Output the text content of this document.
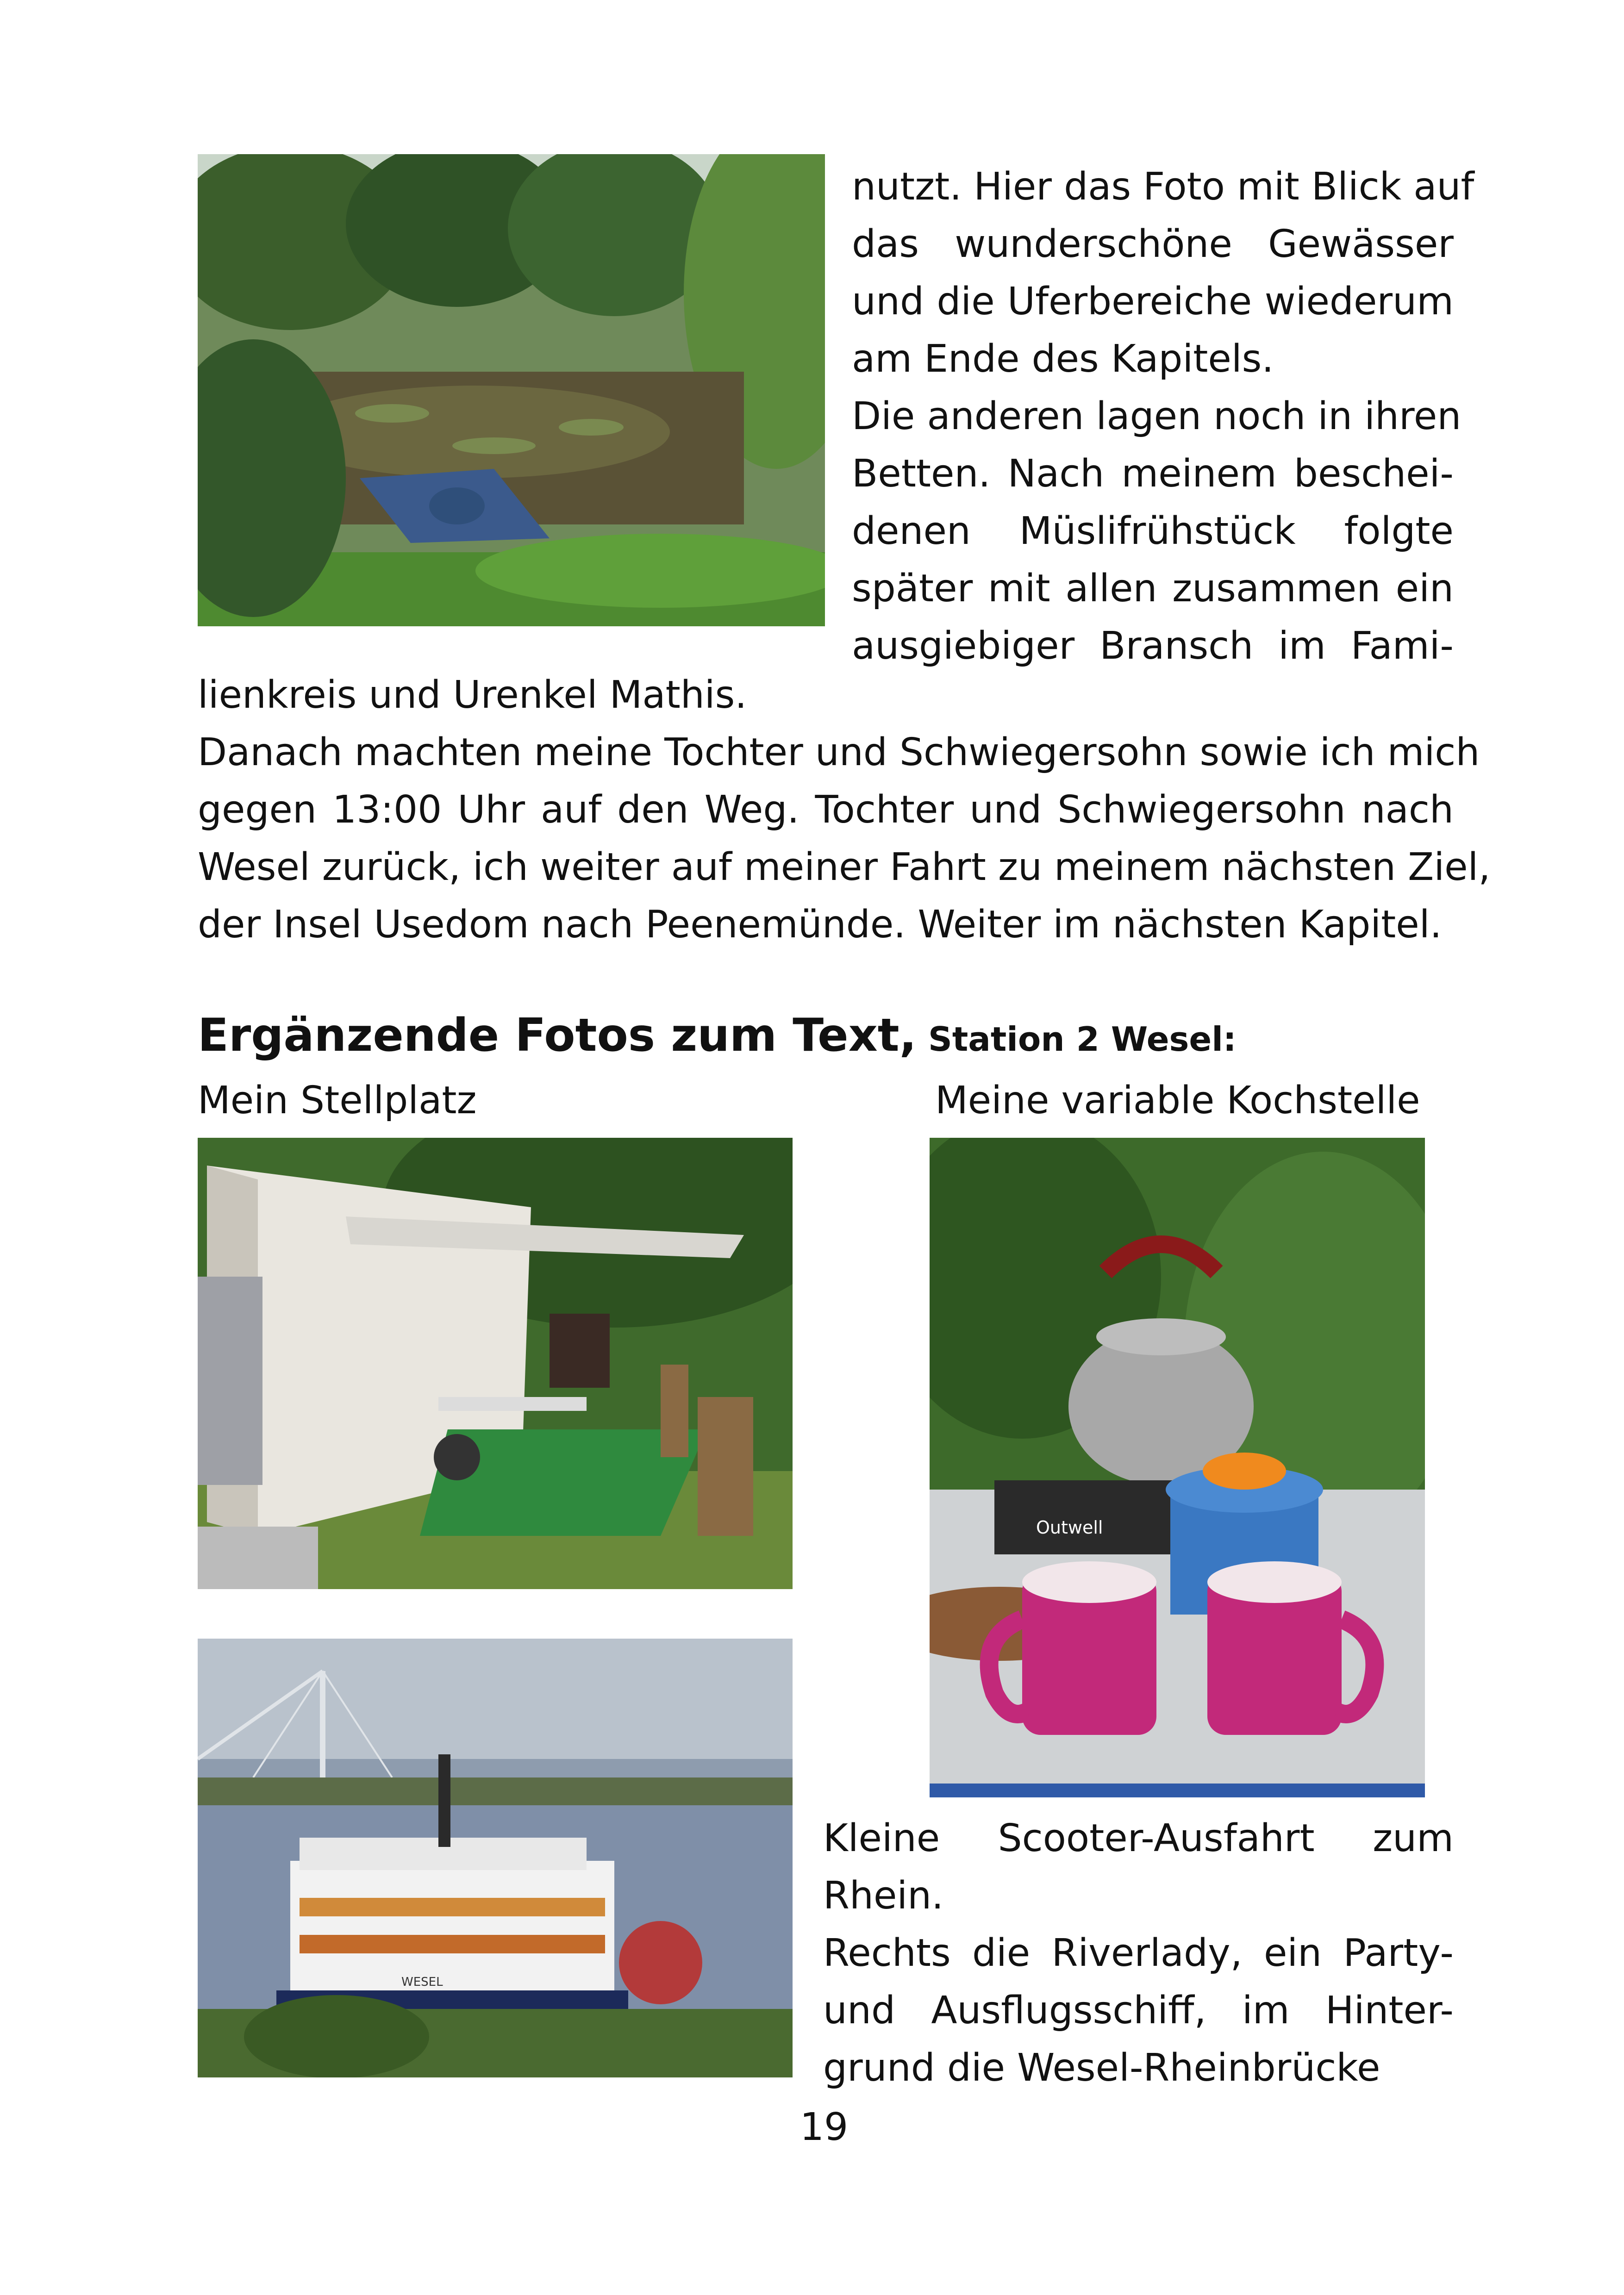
nutzt. Hier das Foto mit Blick auf
das wunderschöne Gewässer
und die Uferbereiche wiederum
am Ende des Kapitels.
Die anderen lagen noch in ihren
Betten. Nach meinem beschei-
denen Müslifrühstück folgte
später mit allen zusammen ein
ausgiebiger Bransch im Fami-
lienkreis und Urenkel Mathis.
Danach machten meine Tochter und Schwiegersohn sowie ich mich
gegen 13:00 Uhr auf den Weg. Tochter und Schwiegersohn nach
Wesel zurück, ich weiter auf meiner Fahrt zu meinem nächsten Ziel,
der Insel Usedom nach Peenemünde. Weiter im nächsten Kapitel.
Ergänzende Fotos zum Text, Station 2 Wesel:
Mein Stellplatz	Meine variable Kochstelle
Outwell
WESEL
Kleine Scooter-Ausfahrt zum
Rhein.
Rechts die Riverlady, ein Party-
und Ausflugsschiff, im Hinter-
grund die Wesel-Rheinbrücke
19
